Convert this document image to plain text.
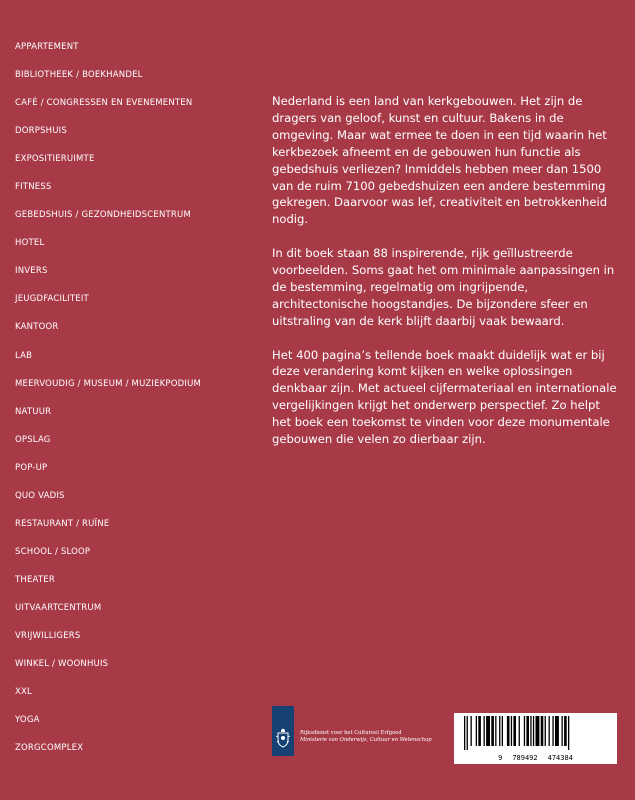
APPARTEMENT
BIBLIOTHEEK / BOEKHANDEL
CAFÉ / CONGRESSEN EN EVENEMENTEN
DORPSHUIS
EXPOSITIERUIMTE
FITNESS
GEBEDSHUIS / GEZONDHEIDSCENTRUM
HOTEL
INVERS
JEUGDFACILITEIT
KANTOOR
LAB
MEERVOUDIG / MUSEUM / MUZIEKPODIUM
NATUUR
OPSLAG
POP-UP
QUO VADIS
RESTAURANT / RUÏNE
SCHOOL / SLOOP
THEATER
UITVAARTCENTRUM
VRIJWILLIGERS
WINKEL / WOONHUIS
XXL
YOGA
ZORGCOMPLEX

Nederland is een land van kerkgebouwen. Het zijn de dragers van geloof, kunst en cultuur. Bakens in de omgeving. Maar wat ermee te doen in een tijd waarin het kerkbezoek afneemt en de gebouwen hun functie als gebedshuis verliezen? Inmiddels hebben meer dan 1500 van de ruim 7100 gebedshuizen een andere bestemming gekregen. Daarvoor was lef, creativiteit en betrokkenheid nodig.

In dit boek staan 88 inspirerende, rijk geïllustreerde voorbeelden. Soms gaat het om minimale aanpassingen in de bestemming, regelmatig om ingrijpende, architectonische hoogstandjes. De bijzondere sfeer en uitstraling van de kerk blijft daarbij vaak bewaard.

Het 400 pagina’s tellende boek maakt duidelijk wat er bij deze verandering komt kijken en welke oplossingen denkbaar zijn. Met actueel cijfermateriaal en internationale vergelijkingen krijgt het onderwerp perspectief. Zo helpt het boek een toekomst te vinden voor deze monumentale gebouwen die velen zo dierbaar zijn.

Rijksdienst voor het Cultureel Erfgoed
Ministerie van Onderwijs, Cultuur en Wetenschap
9 789492 474384
